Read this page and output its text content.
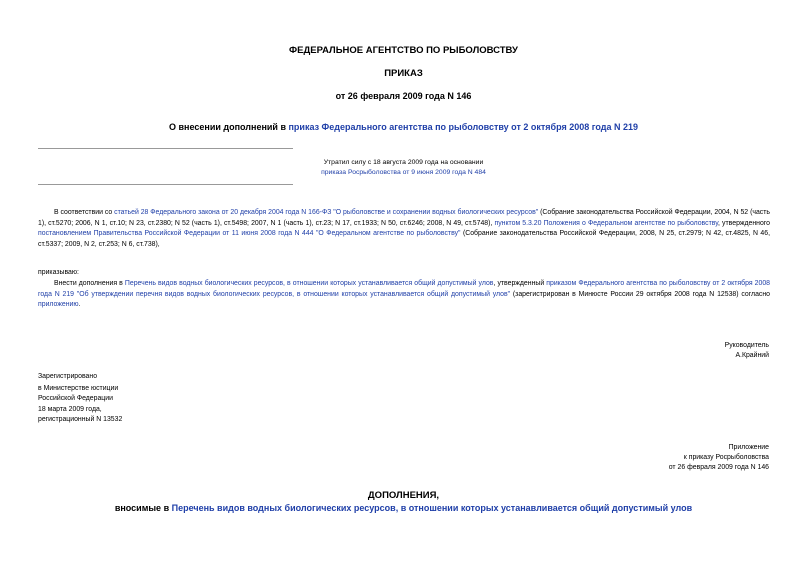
ФЕДЕРАЛЬНОЕ АГЕНТСТВО ПО РЫБОЛОВСТВУ
ПРИКАЗ
от 26 февраля 2009 года N 146
О внесении дополнений в приказ Федерального агентства по рыболовству от 2 октября 2008 года N 219
Утратил силу с 18 августа 2009 года на основании
приказа Росрыболовства от 9 июня 2009 года N 484
В соответствии со статьей 28 Федерального закона от 20 декабря 2004 года N 166-ФЗ "О рыболовстве и сохранении водных биологических ресурсов" (Собрание законодательства Российской Федерации, 2004, N 52 (часть 1), ст.5270; 2006, N 1, ст.10; N 23, ст.2380; N 52 (часть 1), ст.5498; 2007, N 1 (часть 1), ст.23; N 17, ст.1933; N 50, ст.6246; 2008, N 49, ст.5748), пунктом 5.3.20 Положения о Федеральном агентстве по рыболовству, утвержденного постановлением Правительства Российской Федерации от 11 июня 2008 года N 444 "О Федеральном агентстве по рыболовству" (Собрание законодательства Российской Федерации, 2008, N 25, ст.2979; N 42, ст.4825, N 46, ст.5337; 2009, N 2, ст.253; N 6, ст.738),
приказываю:
Внести дополнения в Перечень видов водных биологических ресурсов, в отношении которых устанавливается общий допустимый улов, утвержденный приказом Федерального агентства по рыболовству от 2 октября 2008 года N 219 "Об утверждении перечня видов водных биологических ресурсов, в отношении которых устанавливается общий допустимый улов" (зарегистрирован в Минюсте России 29 октября 2008 года N 12538) согласно приложению.
Руководитель
А.Крайний
Зарегистрировано
в Министерстве юстиции
Российской Федерации
18 марта 2009 года,
регистрационный N 13532
Приложение
к приказу Росрыболовства
от 26 февраля 2009 года N 146
ДОПОЛНЕНИЯ,
вносимые в Перечень видов водных биологических ресурсов, в отношении которых устанавливается общий допустимый улов
